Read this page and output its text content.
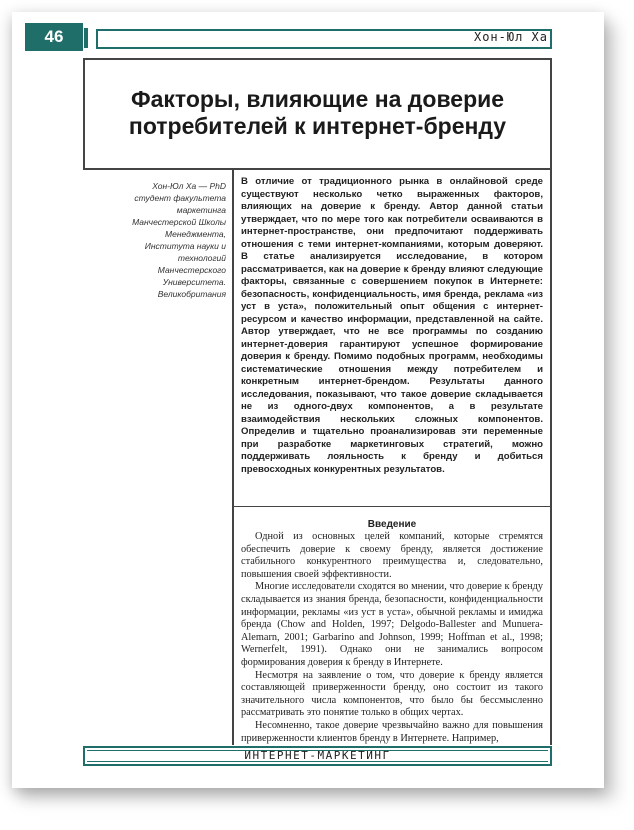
46	Хон-Юл Ха
Факторы, влияющие на доверие потребителей к интернет-бренду
Хон-Юл Ха — PhD студент факультета маркетинга Манчестерской Школы Менеджмента, Института науки и технологий Манчестерского Университета. Великобритания

В отличие от традиционного рынка в онлайновой среде существуют несколько четко выраженных факторов, влияющих на доверие к бренду. Автор данной статьи утверждает, что по мере того как потребители осваиваются в интернет-пространстве, они предпочитают поддерживать отношения с теми интернет-компаниями, которым доверяют. В статье анализируется исследование, в котором рассматривается, как на доверие к бренду влияют следующие факторы, связанные с совершением покупок в Интернете: безопасность, конфиденциальность, имя бренда, реклама «из уст в уста», положительный опыт общения с интернет-ресурсом и качество информации, представленной на сайте. Автор утверждает, что не все программы по созданию интернет-доверия гарантируют успешное формирование доверия к бренду. Помимо подобных программ, необходимы систематические отношения между потребителем и конкретным интернет-брендом. Результаты данного исследования, показывают, что такое доверие складывается не из одного-двух компонентов, а в результате взаимодействия нескольких сложных компонентов. Определив и тщательно проанализировав эти переменные при разработке маркетинговых стратегий, можно поддерживать лояльность к бренду и добиться превосходных конкурентных результатов.

Введение

Одной из основных целей компаний, которые стремятся обеспечить доверие к своему бренду, является достижение стабильного конкурентного преимущества и, следовательно, повышения своей эффективности.

Многие исследователи сходятся во мнении, что доверие к бренду складывается из знания бренда, безопасности, конфиденциальности информации, рекламы «из уст в уста», обычной рекламы и имиджа бренда (Chow and Holden, 1997; Delgodo-Ballester and Munuera-Alemarn, 2001; Garbarino and Johnson, 1999; Hoffman et al., 1998; Wernerfelt, 1991). Однако они не занимались вопросом формирования доверия к бренду в Интернете.

Несмотря на заявление о том, что доверие к бренду является составляющей приверженности бренду, оно состоит из такого значительного числа компонентов, что было бы бессмысленно рассматривать это понятие только в общих чертах.

Несомненно, такое доверие чрезвычайно важно для повышения приверженности клиентов бренду в Интернете. Например,

ИНТЕРНЕТ-МАРКЕТИНГ
